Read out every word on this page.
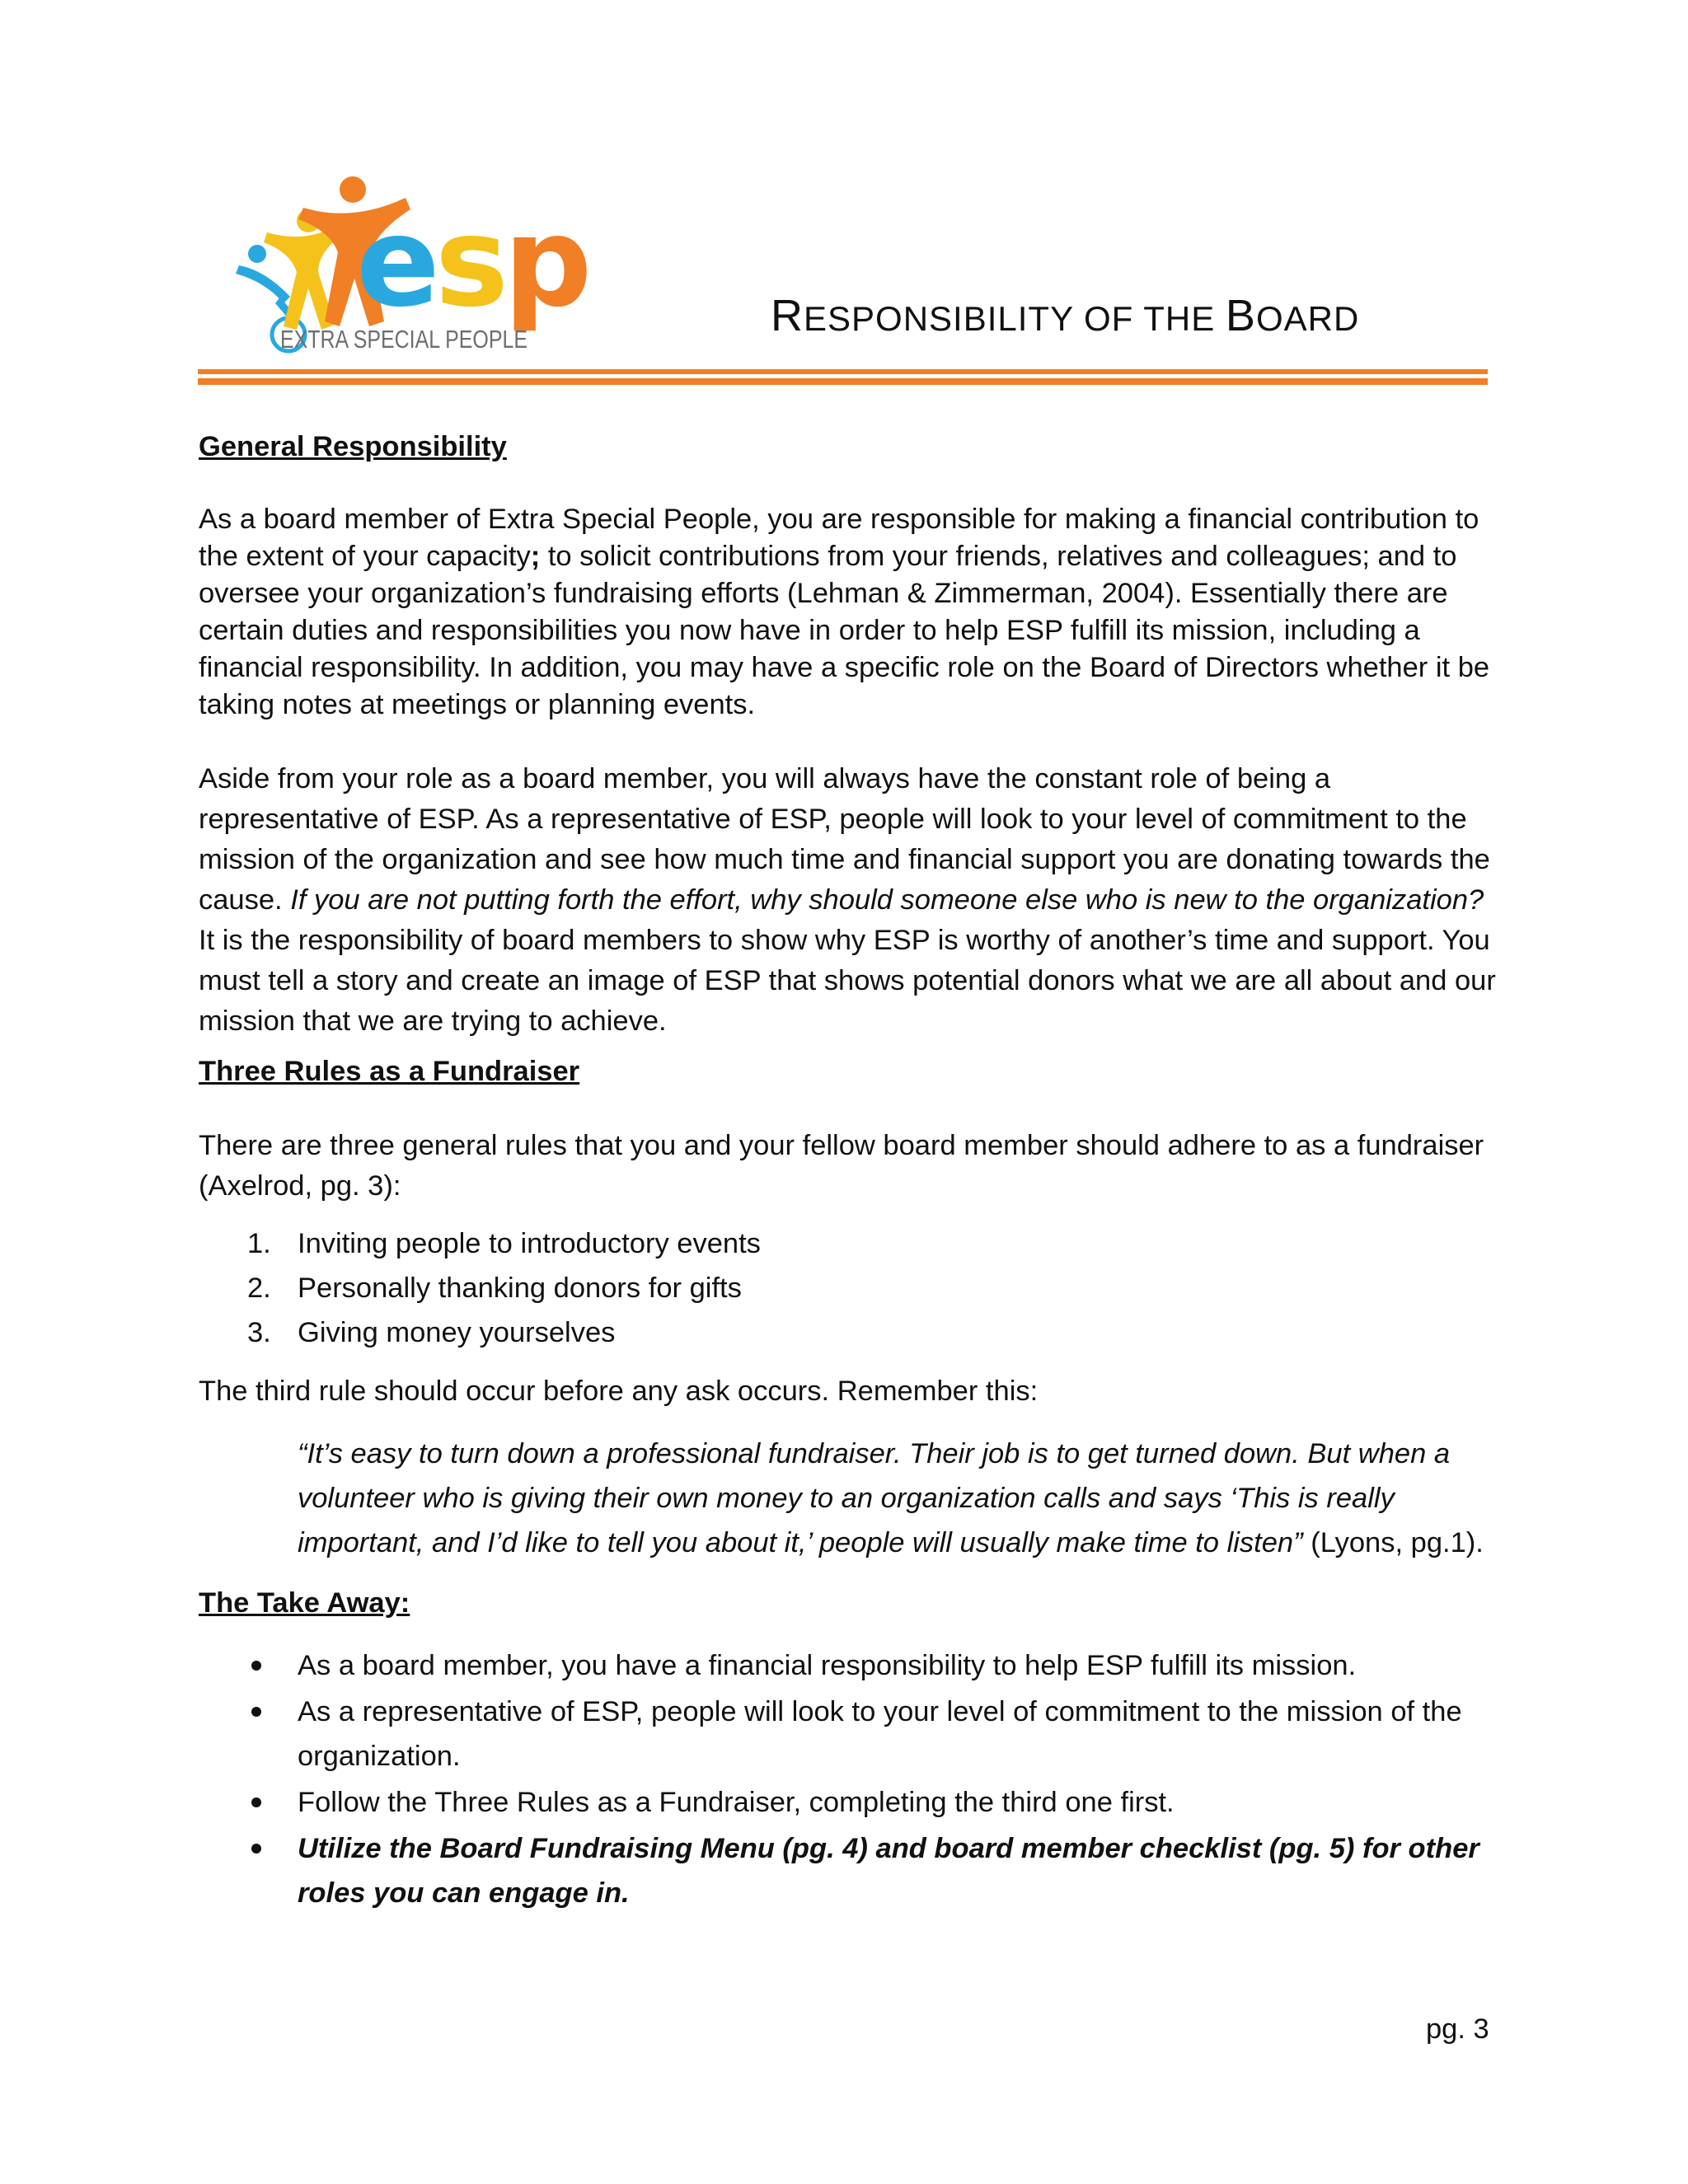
esp
EXTRA SPECIAL PEOPLE	RESPONSIBILITY OF THE BOARD
General Responsibility

As a board member of Extra Special People, you are responsible for making a financial contribution to the extent of your capacity; to solicit contributions from your friends, relatives and colleagues; and to oversee your organization’s fundraising efforts (Lehman & Zimmerman, 2004). Essentially there are certain duties and responsibilities you now have in order to help ESP fulfill its mission, including a financial responsibility. In addition, you may have a specific role on the Board of Directors whether it be taking notes at meetings or planning events.

Aside from your role as a board member, you will always have the constant role of being a representative of ESP. As a representative of ESP, people will look to your level of commitment to the mission of the organization and see how much time and financial support you are donating towards the cause. If you are not putting forth the effort, why should someone else who is new to the organization? It is the responsibility of board members to show why ESP is worthy of another’s time and support. You must tell a story and create an image of ESP that shows potential donors what we are all about and our mission that we are trying to achieve.

Three Rules as a Fundraiser

There are three general rules that you and your fellow board member should adhere to as a fundraiser (Axelrod, pg. 3):

1. Inviting people to introductory events
2. Personally thanking donors for gifts
3. Giving money yourselves

The third rule should occur before any ask occurs. Remember this:

“It’s easy to turn down a professional fundraiser. Their job is to get turned down. But when a volunteer who is giving their own money to an organization calls and says ‘This is really important, and I’d like to tell you about it,’ people will usually make time to listen” (Lyons, pg.1).

The Take Away:
As a board member, you have a financial responsibility to help ESP fulfill its mission.
As a representative of ESP, people will look to your level of commitment to the mission of the organization.
Follow the Three Rules as a Fundraiser, completing the third one first.
Utilize the Board Fundraising Menu (pg. 4) and board member checklist (pg. 5) for other roles you can engage in.
pg. 3
